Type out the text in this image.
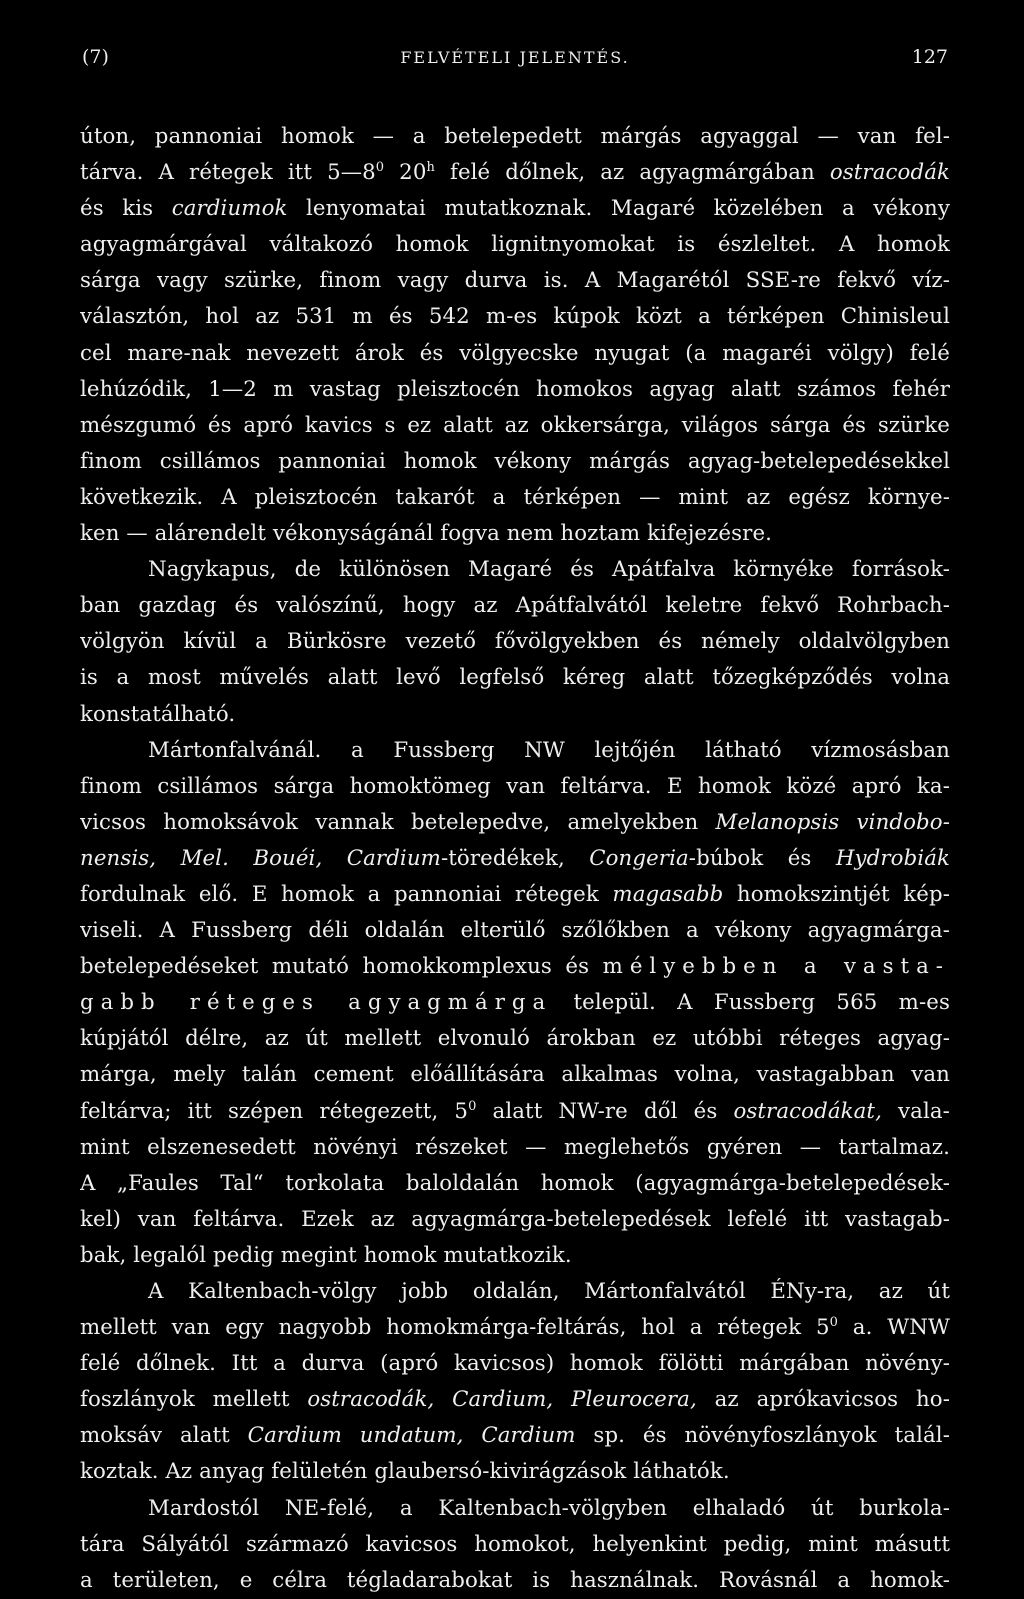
(7)	FELVÉTELI JELENTÉS.	127
úton, pannoniai homok — a betelepedett márgás agyaggal — van fel-
tárva. A rétegek itt $5—8^0$ 20$^h$ felé dőlnek, az agyagmárgában ostracodák
és kis cardiumok lenyomatai mutatkoznak. Magaré közelében a vékony
agyagmárgával váltakozó homok lignitnyomokat is észleltet. A homok
sárga vagy szürke, finom vagy durva is. A Magarétól SSE-re fekvő víz-
választón, hol az 531 m és 542 m-es kúpok közt a térképen Chinisleul
cel mare-nak nevezett árok és völgyecske nyugat (a magaréi völgy) felé
lehúzódik, 1—2 m vastag pleisztocén homokos agyag alatt számos fehér
mészgumó és apró kavics s ez alatt az okkersárga, világos sárga és szürke
finom csillámos pannoniai homok vékony márgás agyag-betelepedésekkel
következik. A pleisztocén takarót a térképen — mint az egész környe-
ken — alárendelt vékonyságánál fogva nem hoztam kifejezésre.
Nagykapus, de különösen Magaré és Apátfalva környéke források-
ban gazdag és valószínű, hogy az Apátfalvától keletre fekvő Rohrbach-
völgyön kívül a Bürkösre vezető fővölgyekben és némely oldalvölgyben
is a most művelés alatt levő legfelső kéreg alatt tőzegképződés volna
konstatálható.
Mártonfalvánál. a Fussberg NW lejtőjén látható vízmosásban
finom csillámos sárga homoktömeg van feltárva. E homok közé apró ka-
vicsos homoksávok vannak betelepedve, amelyekben Melanopsis vindobo-
nensis, Mel. Bouéi, Cardium-töredékek, Congeria-búbok és Hydrobiák
fordulnak elő. E homok a pannoniai rétegek magasabb homokszintjét kép-
viseli. A Fussberg déli oldalán elterülő szőlőkben a vékony agyagmárga-
betelepedéseket mutató homokkomplexus és mélyebben a vasta-
gabb réteges agyagmárga települ. A Fussberg 565 m-es
kúpjától délre, az út mellett elvonuló árokban ez utóbbi réteges agyag-
márga, mely talán cement előállítására alkalmas volna, vastagabban van
feltárva; itt szépen rétegezett, $5^0$ alatt NW-re dől és ostracodákat, vala-
mint elszenesedett növényi részeket — meglehetős gyéren — tartalmaz.
A „Faules Tal“ torkolata baloldalán homok (agyagmárga-betelepedések-
kel) van feltárva. Ezek az agyagmárga-betelepedések lefelé itt vastagab-
bak, legalól pedig megint homok mutatkozik.
A Kaltenbach-völgy jobb oldalán, Mártonfalvától ÉNy-ra, az út
mellett van egy nagyobb homokmárga-feltárás, hol a rétegek $5^0$ a. WNW
felé dőlnek. Itt a durva (apró kavicsos) homok fölötti márgában növény-
foszlányok mellett ostracodák, Cardium, Pleurocera, az aprókavicsos ho-
moksáv alatt Cardium undatum, Cardium sp. és növényfoszlányok talál-
koztak. Az anyag felületén glaubersó-kivirágzások láthatók.
Mardostól NE-felé, a Kaltenbach-völgyben elhaladó út burkola-
tára Sályától származó kavicsos homokot, helyenkint pedig, mint másutt
a területen, e célra tégladarabokat is használnak. Rovásnál a homok-
